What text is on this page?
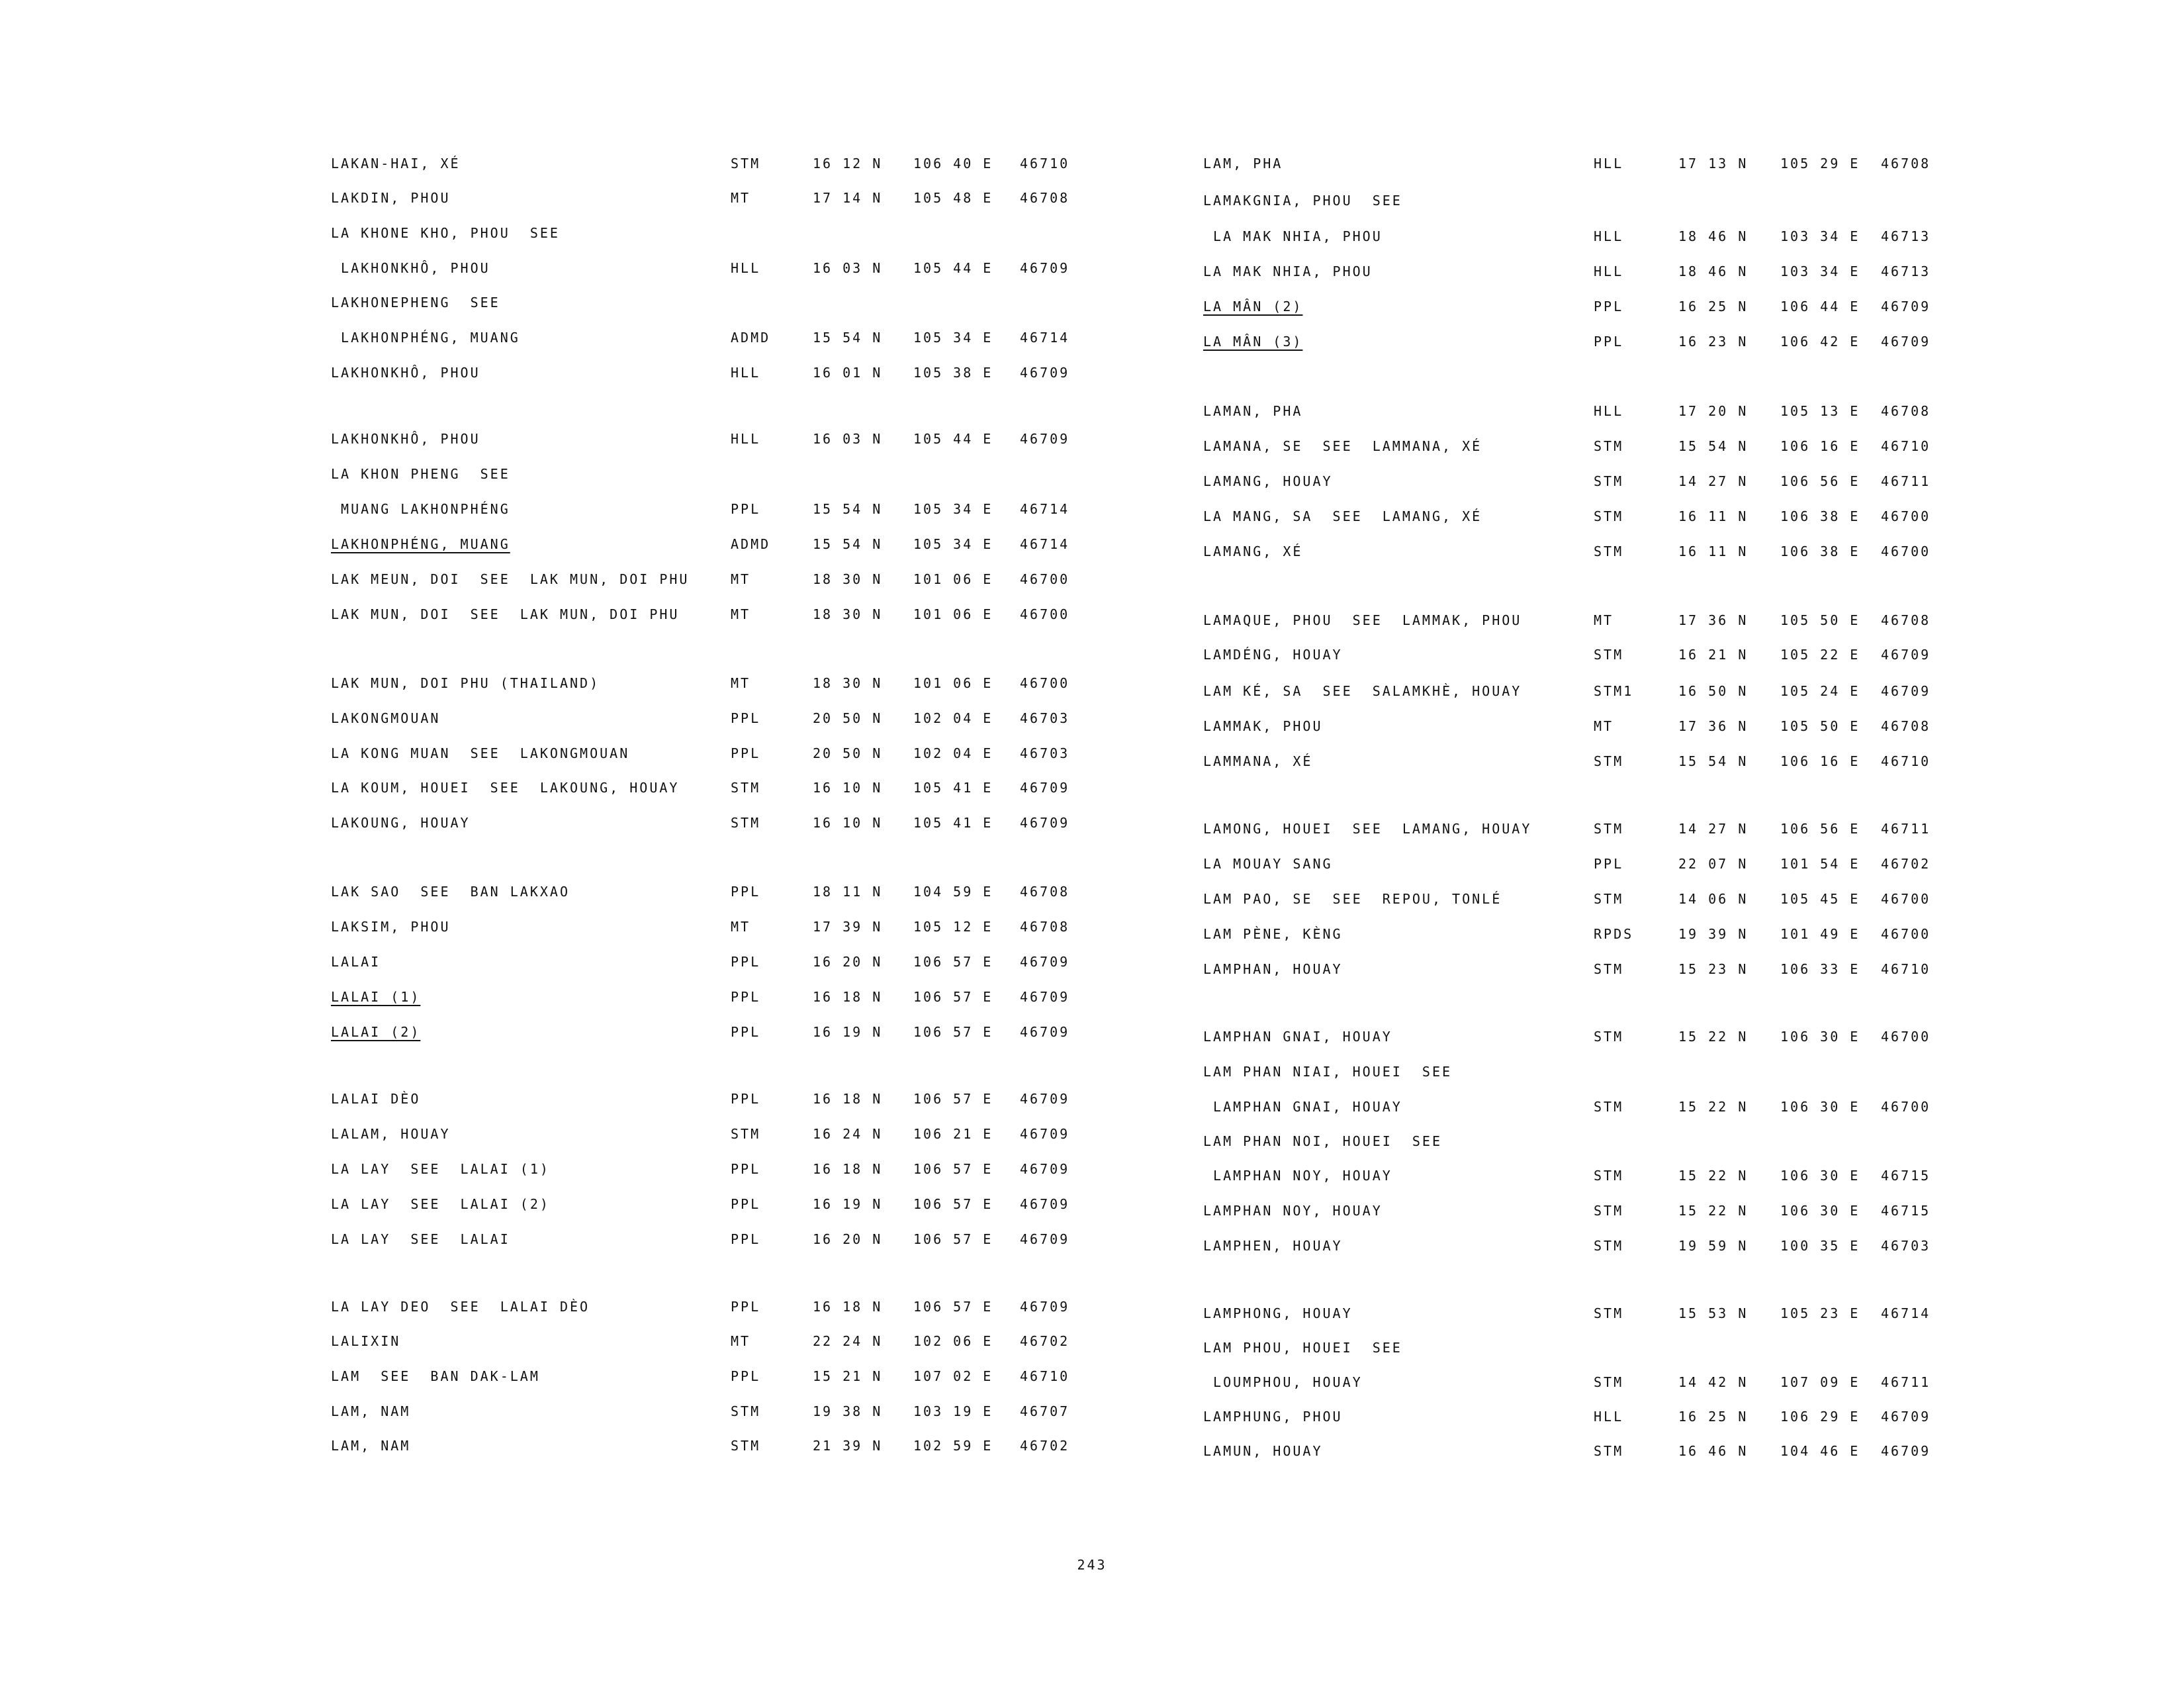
LAKAN-HAI, XÉ	STM	16 12 N 106 40 E 46710
LAKDIN, PHOU	MT	17 14 N 105 48 E 46708
LA KHONE KHO, PHOU  SEE
LAKHONKHÔ, PHOU	HLL	16 03 N 105 44 E 46709
LAKHONEPHENG  SEE
LAKHONPHÉNG, MUANG	ADMD	15 54 N 105 34 E 46714
LAKHONKHÔ, PHOU	HLL	16 01 N 105 38 E 46709
LAKHONKHÔ, PHOU	HLL	16 03 N 105 44 E 46709
LA KHON PHENG  SEE
MUANG LAKHONPHÉNG	PPL	15 54 N 105 34 E 46714
LAKHONPHÉNG, MUANG	ADMD	15 54 N 105 34 E 46714
LAK MEUN, DOI  SEE  LAK MUN, DOI PHU	MT	18 30 N 101 06 E 46700
LAK MUN, DOI  SEE  LAK MUN, DOI PHU	MT	18 30 N 101 06 E 46700
LAK MUN, DOI PHU (THAILAND)	MT	18 30 N 101 06 E 46700
LAKONGMOUAN	PPL	20 50 N 102 04 E 46703
LA KONG MUAN  SEE  LAKONGMOUAN	PPL	20 50 N 102 04 E 46703
LA KOUM, HOUEI  SEE  LAKOUNG, HOUAY	STM	16 10 N 105 41 E 46709
LAKOUNG, HOUAY	STM	16 10 N 105 41 E 46709
LAK SAO  SEE  BAN LAKXAO	PPL	18 11 N 104 59 E 46708
LAKSIM, PHOU	MT	17 39 N 105 12 E 46708
LALAI	PPL	16 20 N 106 57 E 46709
LALAI (1)	PPL	16 18 N 106 57 E 46709
LALAI (2)	PPL	16 19 N 106 57 E 46709
LALAI DÈO	PPL	16 18 N 106 57 E 46709
LALAM, HOUAY	STM	16 24 N 106 21 E 46709
LA LAY  SEE  LALAI (1)	PPL	16 18 N 106 57 E 46709
LA LAY  SEE  LALAI (2)	PPL	16 19 N 106 57 E 46709
LA LAY  SEE  LALAI	PPL	16 20 N 106 57 E 46709
LA LAY DEO  SEE  LALAI DÈO	PPL	16 18 N 106 57 E 46709
LALIXIN	MT	22 24 N 102 06 E 46702
LAM  SEE  BAN DAK-LAM	PPL	15 21 N 107 02 E 46710
LAM, NAM	STM	19 38 N 103 19 E 46707
LAM, NAM	STM	21 39 N 102 59 E 46702
LAM, PHA	HLL	17 13 N 105 29 E 46708
LAMAKGNIA, PHOU  SEE
LA MAK NHIA, PHOU	HLL	18 46 N 103 34 E 46713
LA MAK NHIA, PHOU	HLL	18 46 N 103 34 E 46713
LA MÂN (2)	PPL	16 25 N 106 44 E 46709
LA MÂN (3)	PPL	16 23 N 106 42 E 46709
LAMAN, PHA	HLL	17 20 N 105 13 E 46708
LAMANA, SE  SEE  LAMMANA, XÉ	STM	15 54 N 106 16 E 46710
LAMANG, HOUAY	STM	14 27 N 106 56 E 46711
LA MANG, SA  SEE  LAMANG, XÉ	STM	16 11 N 106 38 E 46700
LAMANG, XÉ	STM	16 11 N 106 38 E 46700
LAMAQUE, PHOU  SEE  LAMMAK, PHOU	MT	17 36 N 105 50 E 46708
LAMDÉNG, HOUAY	STM	16 21 N 105 22 E 46709
LAM KÉ, SA  SEE  SALAMKHÈ, HOUAY	STM1	16 50 N 105 24 E 46709
LAMMAK, PHOU	MT	17 36 N 105 50 E 46708
LAMMANA, XÉ	STM	15 54 N 106 16 E 46710
LAMONG, HOUEI  SEE  LAMANG, HOUAY	STM	14 27 N 106 56 E 46711
LA MOUAY SANG	PPL	22 07 N 101 54 E 46702
LAM PAO, SE  SEE  REPOU, TONLÉ	STM	14 06 N 105 45 E 46700
LAM PÈNE, KÈNG	RPDS	19 39 N 101 49 E 46700
LAMPHAN, HOUAY	STM	15 23 N 106 33 E 46710
LAMPHAN GNAI, HOUAY	STM	15 22 N 106 30 E 46700
LAM PHAN NIAI, HOUEI  SEE
LAMPHAN GNAI, HOUAY	STM	15 22 N 106 30 E 46700
LAM PHAN NOI, HOUEI  SEE
LAMPHAN NOY, HOUAY	STM	15 22 N 106 30 E 46715
LAMPHAN NOY, HOUAY	STM	15 22 N 106 30 E 46715
LAMPHEN, HOUAY	STM	19 59 N 100 35 E 46703
LAMPHONG, HOUAY	STM	15 53 N 105 23 E 46714
LAM PHOU, HOUEI  SEE
LOUMPHOU, HOUAY	STM	14 42 N 107 09 E 46711
LAMPHUNG, PHOU	HLL	16 25 N 106 29 E 46709
LAMUN, HOUAY	STM	16 46 N 104 46 E 46709
243
